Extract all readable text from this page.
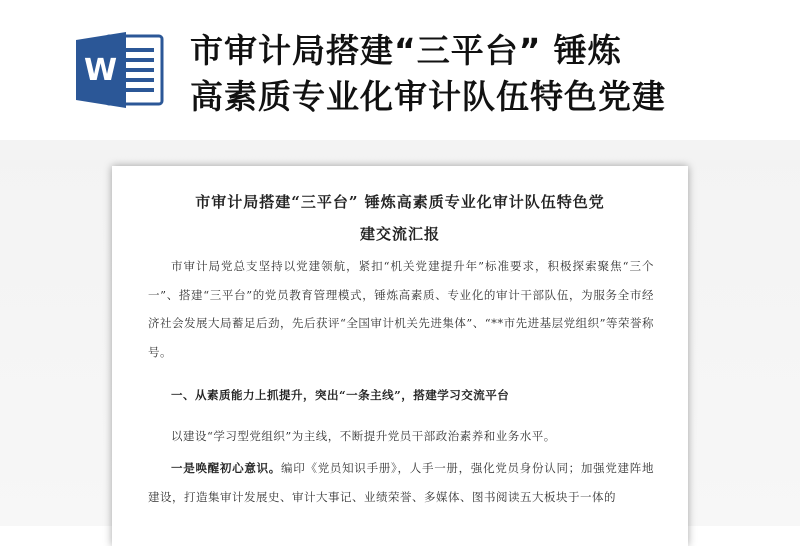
W
市审计局搭建“三平台” 锤炼
高素质专业化审计队伍特色党建
市审计局搭建“三平台” 锤炼高素质专业化审计队伍特色党
建交流汇报

市审计局党总支坚持以党建领航，紧扣“机关党建提升年”标准要求，积极探索聚焦“三个一”、搭建“三平台”的党员教育管理模式，锤炼高素质、专业化的审计干部队伍，为服务全市经济社会发展大局蓄足后劲，先后获评“全国审计机关先进集体”、“**市先进基层党组织”等荣誉称号。

一、从素质能力上抓提升，突出“一条主线”，搭建学习交流平台

以建设“学习型党组织”为主线，不断提升党员干部政治素养和业务水平。

一是唤醒初心意识。编印《党员知识手册》，人手一册，强化党员身份认同；加强党建阵地建设，打造集审计发展史、审计大事记、业绩荣誉、多媒体、图书阅读五大板块于一体的
